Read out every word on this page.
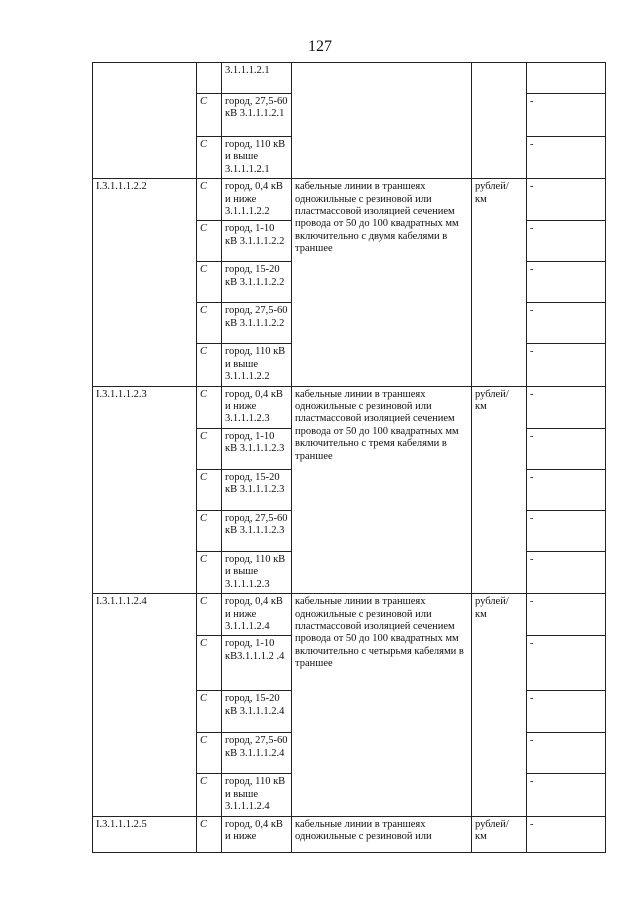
127
		3.1.1.1.2.1			
	С	город, 27,5-60 кВ 3.1.1.1.2.1			-
	С	город, 110 кВ и выше 3.1.1.1.2.1			-
I.3.1.1.1.2.2	С	город, 0,4 кВ и ниже 3.1.1.1.2.2	кабельные линии в траншеях одножильные с резиновой или пластмассовой изоляцией сечением провода от 50 до 100 квадратных мм включительно с двумя кабелями в траншее	рублей/ км	-
	С	город, 1-10 кВ 3.1.1.1.2.2			-
	С	город, 15-20 кВ 3.1.1.1.2.2			-
	С	город, 27,5-60 кВ 3.1.1.1.2.2			-
	С	город, 110 кВ и выше 3.1.1.1.2.2			-
I.3.1.1.1.2.3	С	город, 0,4 кВ и ниже 3.1.1.1.2.3	кабельные линии в траншеях одножильные с резиновой или пластмассовой изоляцией сечением провода от 50 до 100 квадратных мм включительно с тремя кабелями в траншее	рублей/ км	-
	С	город, 1-10 кВ 3.1.1.1.2.3			-
	С	город, 15-20 кВ 3.1.1.1.2.3			-
	С	город, 27,5-60 кВ 3.1.1.1.2.3			-
	С	город, 110 кВ и выше 3.1.1.1.2.3			-
I.3.1.1.1.2.4	С	город, 0,4 кВ и ниже 3.1.1.1.2.4	кабельные линии в траншеях одножильные с резиновой или пластмассовой изоляцией сечением провода от 50 до 100 квадратных мм включительно с четырьмя кабелями в траншее	рублей/ км	-
	С	город, 1-10 кВ3.1.1.1.2 .4			-
	С	город, 15-20 кВ 3.1.1.1.2.4			-
	С	город, 27,5-60 кВ 3.1.1.1.2.4			-
	С	город, 110 кВ и выше 3.1.1.1.2.4			-
I.3.1.1.1.2.5	С	город, 0,4 кВ и ниже	кабельные линии в траншеях одножильные с резиновой или	рублей/ км	-
